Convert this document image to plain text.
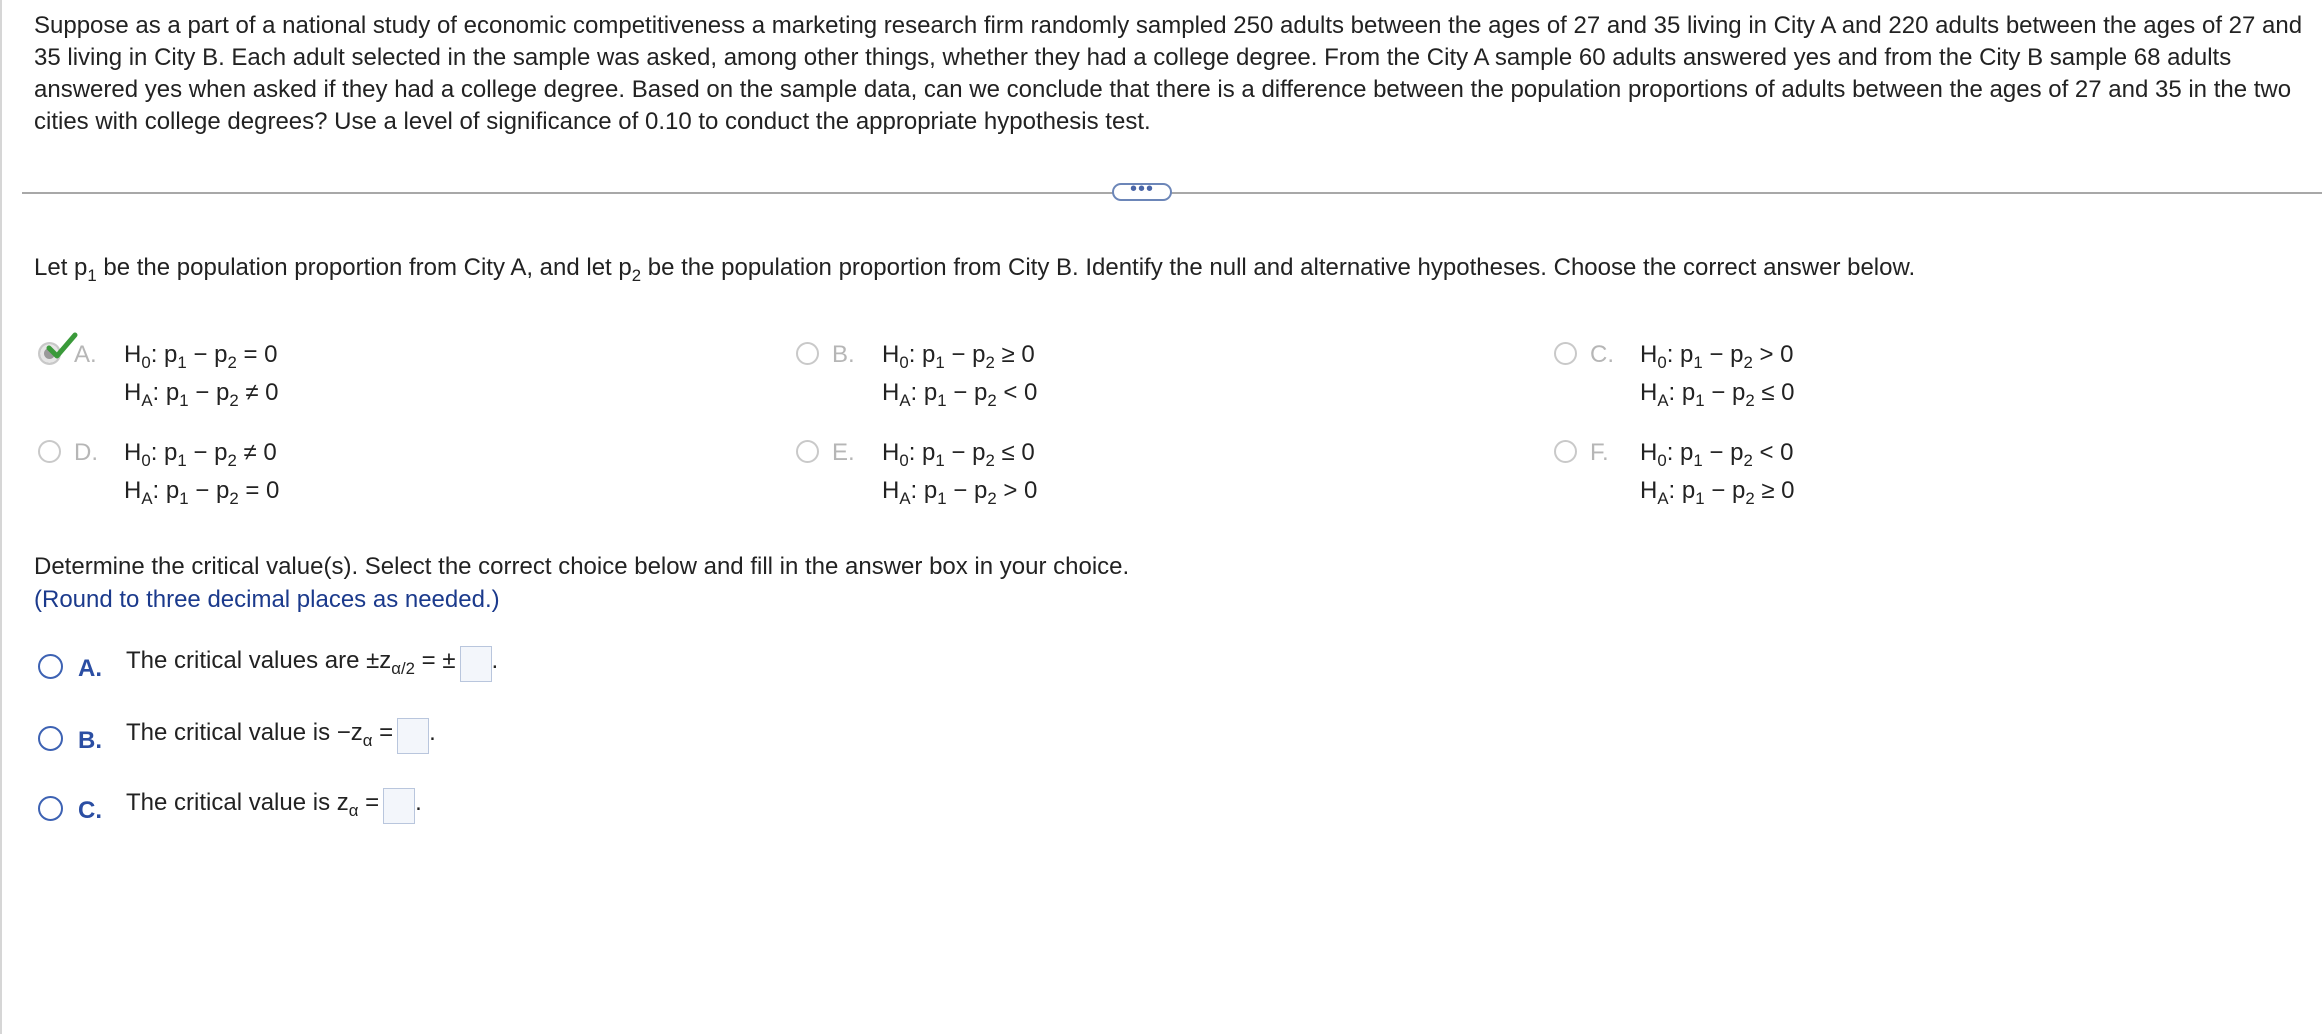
Suppose as a part of a national study of economic competitiveness a marketing research firm randomly sampled 250 adults between the ages of 27 and 35 living in City A and 220 adults between the ages of 27 and 35 living in City B. Each adult selected in the sample was asked, among other things, whether they had a college degree. From the City A sample 60 adults answered yes and from the City B sample 68 adults answered yes when asked if they had a college degree. Based on the sample data, can we conclude that there is a difference between the population proportions of adults between the ages of 27 and 35 in the two cities with college degrees? Use a level of significance of 0.10 to conduct the appropriate hypothesis test.
•••
Let $p_1$ be the population proportion from City A, and let $p_2$ be the population proportion from City B. Identify the null and alternative hypotheses. Choose the correct answer below.
A. $H_0$: $p_1 - p_2 = 0$
$H_A$: $p_1 - p_2 \ne 0$
B. $H_0$: $p_1 - p_2 \ge 0$
$H_A$: $p_1 - p_2 < 0$
C. $H_0$: $p_1 - p_2 > 0$
$H_A$: $p_1 - p_2 \le 0$
D. $H_0$: $p_1 - p_2 \ne 0$
$H_A$: $p_1 - p_2 = 0$
E. $H_0$: $p_1 - p_2 \le 0$
$H_A$: $p_1 - p_2 > 0$
F. $H_0$: $p_1 - p_2 < 0$
$H_A$: $p_1 - p_2 \ge 0$
Determine the critical value(s). Select the correct choice below and fill in the answer box in your choice.
(Round to three decimal places as needed.)
A. The critical values are $\pm z_{\alpha/2}$ = ± .
B. The critical value is $-z_\alpha$ = .
C. The critical value is $z_\alpha$ = .
